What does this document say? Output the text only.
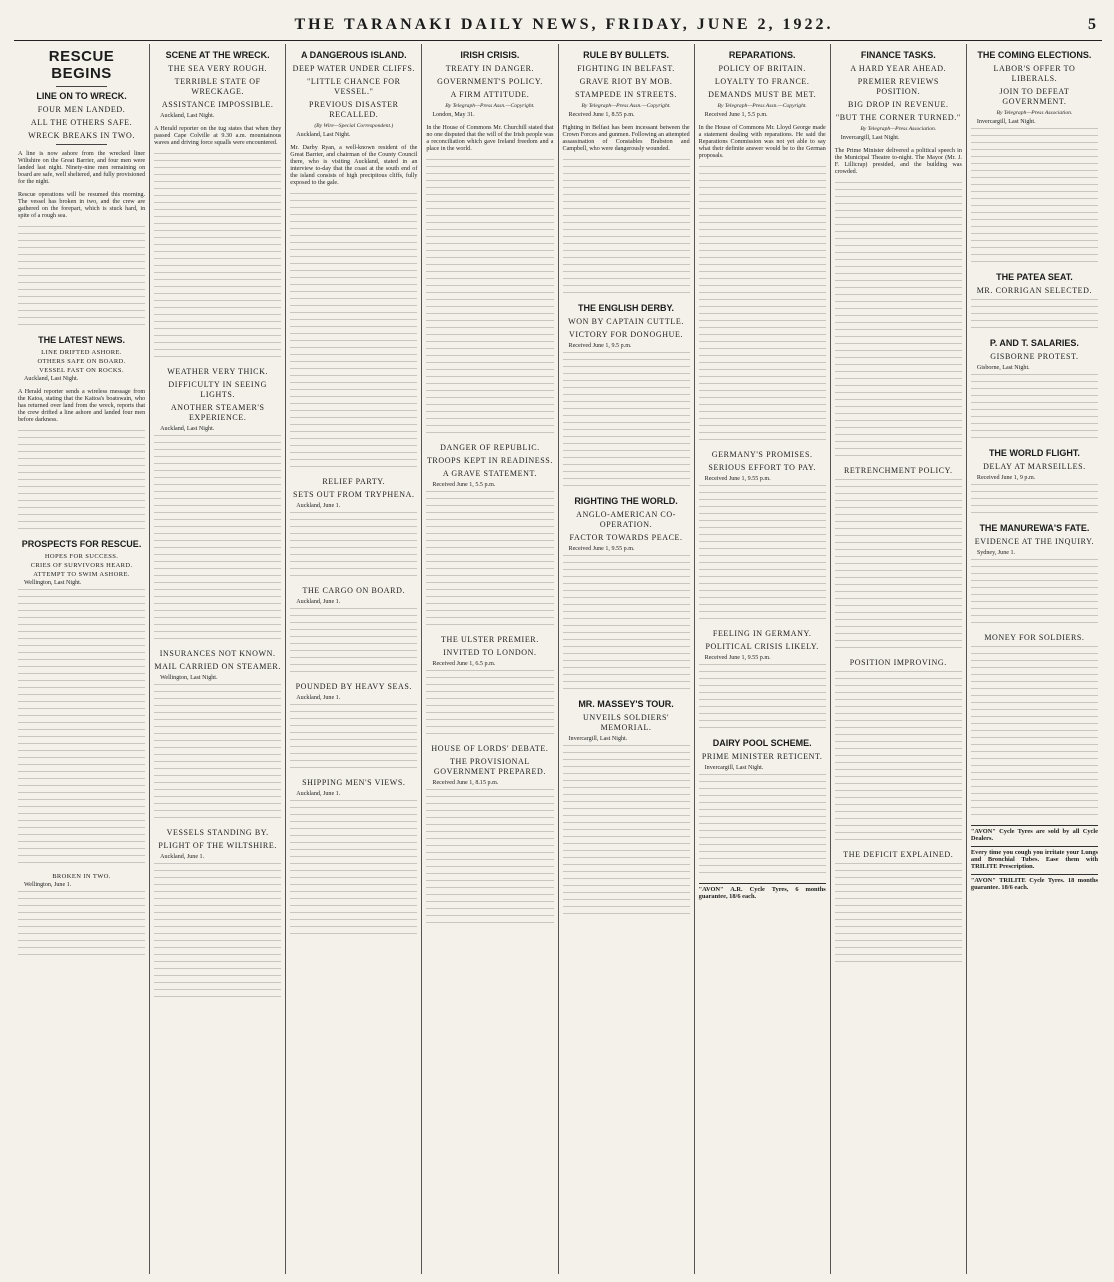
THE TARANAKI DAILY NEWS, FRIDAY, JUNE 2, 1922.	5
RESCUE BEGINS
LINE ON TO WRECK.
FOUR MEN LANDED.
ALL THE OTHERS SAFE.
WRECK BREAKS IN TWO.

A line is now ashore from the wrecked liner Wiltshire on the Great Barrier, and four men were landed last night. Ninety-nine men remaining on board are safe, well sheltered, and fully provisioned for the night.

Rescue operations will be resumed this morning. The vessel has broken in two, and the crew are gathered on the forepart, which is stuck hard, in spite of a rough sea.

THE LATEST NEWS.
LINE DRIFTED ASHORE.
OTHERS SAFE ON BOARD.
VESSEL FAST ON ROCKS.
Auckland, Last Night.

A Herald reporter sends a wireless message from the Katoa, stating that the Kaitoa's boatswain, who has returned over land from the wreck, reports that the crew drifted a line ashore and landed four men before darkness.

PROSPECTS FOR RESCUE.
HOPES FOR SUCCESS.
CRIES OF SURVIVORS HEARD.
ATTEMPT TO SWIM ASHORE.
Wellington, Last Night.
BROKEN IN TWO.
Wellington, June 1.
SCENE AT THE WRECK.
THE SEA VERY ROUGH.
TERRIBLE STATE OF WRECKAGE.
ASSISTANCE IMPOSSIBLE.
Auckland, Last Night.

A Herald reporter on the tug states that when they passed Cape Colville at 9.30 a.m. mountainous waves and driving force squalls were encountered.

WEATHER VERY THICK.
DIFFICULTY IN SEEING LIGHTS.
ANOTHER STEAMER'S EXPERIENCE.
Auckland, Last Night.
INSURANCES NOT KNOWN.
MAIL CARRIED ON STEAMER.
Wellington, Last Night.
VESSELS STANDING BY.
PLIGHT OF THE WILTSHIRE.
Auckland, June 1.
A DANGEROUS ISLAND.
DEEP WATER UNDER CLIFFS.
"LITTLE CHANCE FOR VESSEL."
PREVIOUS DISASTER RECALLED.
(By Wire—Special Correspondent.)
Auckland, Last Night.

Mr. Darby Ryan, a well-known resident of the Great Barrier, and chairman of the County Council there, who is visiting Auckland, stated in an interview to-day that the coast at the south end of the island consists of high precipitous cliffs, fully exposed to the gale.

RELIEF PARTY.
SETS OUT FROM TRYPHENA.
Auckland, June 1.
THE CARGO ON BOARD.
Auckland, June 1.
POUNDED BY HEAVY SEAS.
Auckland, June 1.
SHIPPING MEN'S VIEWS.
Auckland, June 1.
IRISH CRISIS.
TREATY IN DANGER.
GOVERNMENT'S POLICY.
A FIRM ATTITUDE.
By Telegraph—Press Assn.—Copyright.
London, May 31.

In the House of Commons Mr. Churchill stated that no one disputed that the will of the Irish people was a reconciliation which gave Ireland freedom and a place in the world.

DANGER OF REPUBLIC.
TROOPS KEPT IN READINESS.
A GRAVE STATEMENT.
Received June 1, 5.5 p.m.
THE ULSTER PREMIER.
INVITED TO LONDON.
Received June 1, 6.5 p.m.
HOUSE OF LORDS' DEBATE.
THE PROVISIONAL GOVERNMENT PREPARED.
Received June 1, 8.15 p.m.
RULE BY BULLETS.
FIGHTING IN BELFAST.
GRAVE RIOT BY MOB.
STAMPEDE IN STREETS.
By Telegraph—Press Assn.—Copyright.
Received June 1, 8.55 p.m.

Fighting in Belfast has been incessant between the Crown Forces and gunmen. Following an attempted assassination of Constables Brabston and Campbell, who were dangerously wounded.

THE ENGLISH DERBY.
WON BY CAPTAIN CUTTLE.
VICTORY FOR DONOGHUE.
Received June 1, 9.5 p.m.
RIGHTING THE WORLD.
ANGLO-AMERICAN CO-OPERATION.
FACTOR TOWARDS PEACE.
Received June 1, 9.55 p.m.
MR. MASSEY'S TOUR.
UNVEILS SOLDIERS' MEMORIAL.
Invercargill, Last Night.
REPARATIONS.
POLICY OF BRITAIN.
LOYALTY TO FRANCE.
DEMANDS MUST BE MET.
By Telegraph—Press Assn.—Copyright.
Received June 1, 5.5 p.m.

In the House of Commons Mr. Lloyd George made a statement dealing with reparations. He said the Reparations Commission was not yet able to say what their definite answer would be to the German proposals.

GERMANY'S PROMISES.
SERIOUS EFFORT TO PAY.
Received June 1, 9.55 p.m.
FEELING IN GERMANY.
POLITICAL CRISIS LIKELY.
Received June 1, 9.55 p.m.
DAIRY POOL SCHEME.
PRIME MINISTER RETICENT.
Invercargill, Last Night.
"AVON" A.R. Cycle Tyres, 6 months guarantee, 18/6 each.
FINANCE TASKS.
A HARD YEAR AHEAD.
PREMIER REVIEWS POSITION.
BIG DROP IN REVENUE.
"BUT THE CORNER TURNED."
By Telegraph—Press Association.
Invercargill, Last Night.

The Prime Minister delivered a political speech in the Municipal Theatre to-night. The Mayor (Mr. J. F. Lillicrap) presided, and the building was crowded.

RETRENCHMENT POLICY.
POSITION IMPROVING.
THE DEFICIT EXPLAINED.
THE COMING ELECTIONS.
LABOR'S OFFER TO LIBERALS.
JOIN TO DEFEAT GOVERNMENT.
By Telegraph—Press Association.
Invercargill, Last Night.
THE PATEA SEAT.
MR. CORRIGAN SELECTED.
P. AND T. SALARIES.
GISBORNE PROTEST.
Gisborne, Last Night.
THE WORLD FLIGHT.
DELAY AT MARSEILLES.
Received June 1, 9 p.m.
THE MANUREWA'S FATE.
EVIDENCE AT THE INQUIRY.
Sydney, June 1.
MONEY FOR SOLDIERS.
"AVON" Cycle Tyres are sold by all Cycle Dealers.
Every time you cough you irritate your Lungs and Bronchial Tubes. Ease them with TRILITE Prescription.
"AVON" TRILITE Cycle Tyres. 18 months guarantee. 18/6 each.
